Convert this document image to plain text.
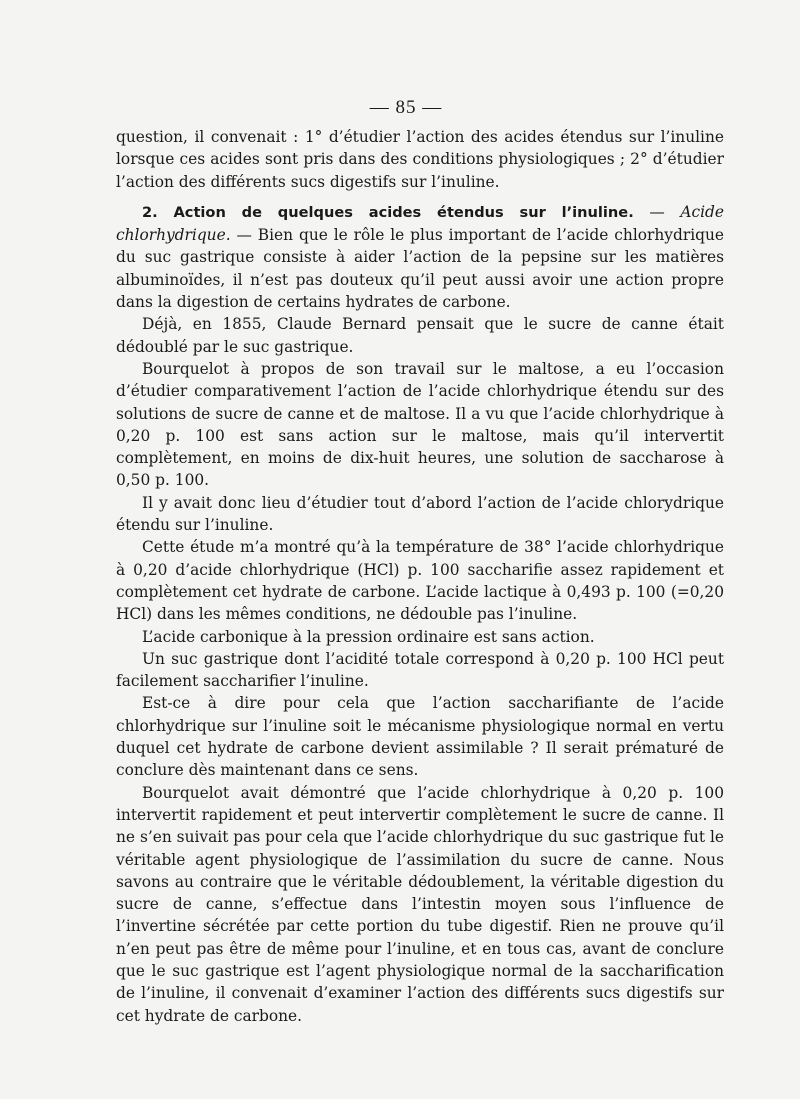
— 85 —

question, il convenait : 1° d’étudier l’action des acides étendus sur l’inuline lorsque ces acides sont pris dans des conditions physiologiques ; 2° d’étudier l’action des différents sucs digestifs sur l’inuline.

2. Action de quelques acides étendus sur l’inuline. — Acide chlorhydrique. — Bien que le rôle le plus important de l’acide chlorhydrique du suc gastrique consiste à aider l’action de la pepsine sur les matières albuminoïdes, il n’est pas douteux qu’il peut aussi avoir une action propre dans la digestion de certains hydrates de carbone.

Déjà, en 1855, Claude Bernard pensait que le sucre de canne était dédoublé par le suc gastrique.

Bourquelot à propos de son travail sur le maltose, a eu l’occasion d’étudier comparativement l’action de l’acide chlorhydrique étendu sur des solutions de sucre de canne et de maltose. Il a vu que l’acide chlorhydrique à 0,20 p. 100 est sans action sur le maltose, mais qu’il intervertit complètement, en moins de dix-huit heures, une solution de saccharose à 0,50 p. 100.

Il y avait donc lieu d’étudier tout d’abord l’action de l’acide chlorydrique étendu sur l’inuline.

Cette étude m’a montré qu’à la température de 38° l’acide chlorhydrique à 0,20 d’acide chlorhydrique (HCl) p. 100 saccharifie assez rapidement et complètement cet hydrate de carbone. L’acide lactique à 0,493 p. 100 (=0,20 HCl) dans les mêmes conditions, ne dédouble pas l’inuline.

L’acide carbonique à la pression ordinaire est sans action.

Un suc gastrique dont l’acidité totale correspond à 0,20 p. 100 HCl peut facilement saccharifier l’inuline.

Est-ce à dire pour cela que l’action saccharifiante de l’acide chlorhydrique sur l’inuline soit le mécanisme physiologique normal en vertu duquel cet hydrate de carbone devient assimilable ? Il serait prématuré de conclure dès maintenant dans ce sens.

Bourquelot avait démontré que l’acide chlorhydrique à 0,20 p. 100 intervertit rapidement et peut intervertir complètement le sucre de canne. Il ne s’en suivait pas pour cela que l’acide chlorhydrique du suc gastrique fut le véritable agent physiologique de l’assimilation du sucre de canne. Nous savons au contraire que le véritable dédoublement, la véritable digestion du sucre de canne, s’effectue dans l’intestin moyen sous l’influence de l’invertine sécrétée par cette portion du tube digestif. Rien ne prouve qu’il n’en peut pas être de même pour l’inuline, et en tous cas, avant de conclure que le suc gastrique est l’agent physiologique normal de la saccharification de l’inuline, il convenait d’examiner l’action des différents sucs digestifs sur cet hydrate de carbone.
